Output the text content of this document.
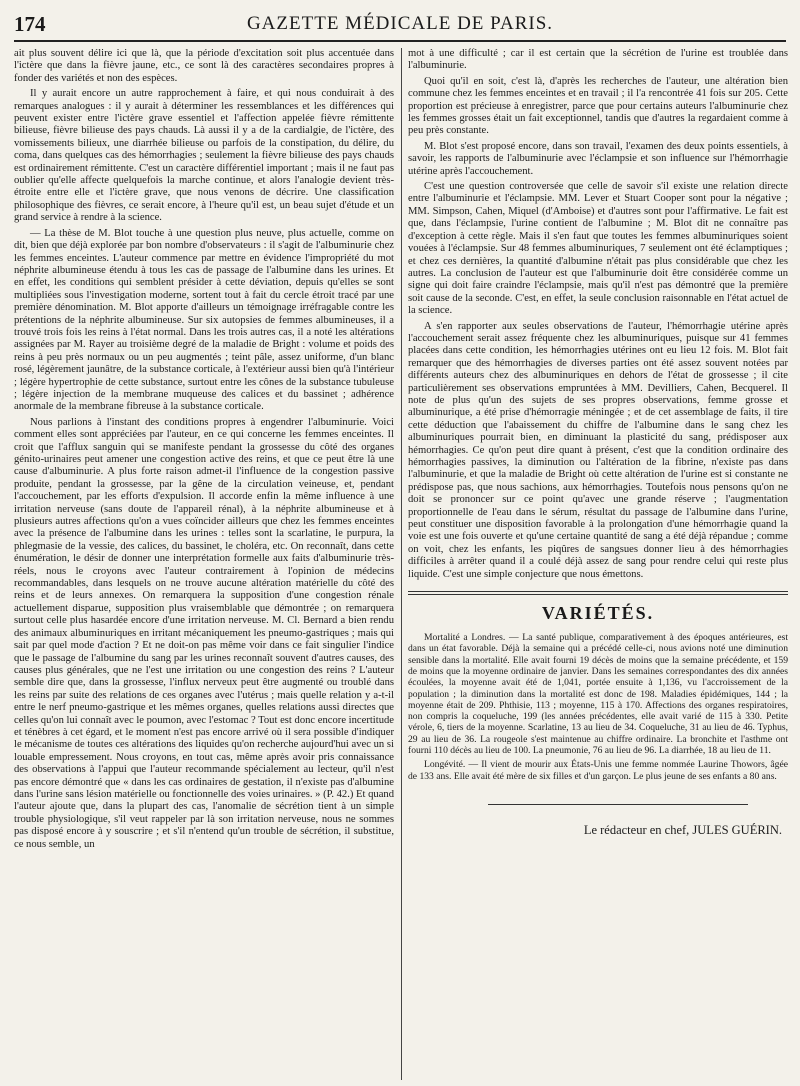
174	GAZETTE MÉDICALE DE PARIS.

ait plus souvent délire ici que là, que la période d'excitation soit plus accentuée dans l'ictère que dans la fièvre jaune, etc., ce sont là des caractères secondaires propres à fonder des variétés et non des espèces.

Il y aurait encore un autre rapprochement à faire, et qui nous conduirait à des remarques analogues : il y aurait à déterminer les ressemblances et les différences qui peuvent exister entre l'ictère grave essentiel et l'affection appelée fièvre rémittente bilieuse, fièvre bilieuse des pays chauds. Là aussi il y a de la cardialgie, de l'ictère, des vomissements bilieux, une diarrhée bilieuse ou parfois de la constipation, du délire, du coma, dans quelques cas des hémorrhagies ; seulement la fièvre bilieuse des pays chauds est ordinairement rémittente. C'est un caractère différentiel important ; mais il ne faut pas oublier qu'elle affecte quelquefois la marche continue, et alors l'analogie devient très-étroite entre elle et l'ictère grave, que nous venons de décrire. Une classification philosophique des fièvres, ce serait encore, à l'heure qu'il est, un beau sujet d'étude et un grand service à rendre à la science.

— La thèse de M. Blot touche à une question plus neuve, plus actuelle, comme on dit, bien que déjà explorée par bon nombre d'observateurs : il s'agit de l'albuminurie chez les femmes enceintes. L'auteur commence par mettre en évidence l'impropriété du mot néphrite albumineuse étendu à tous les cas de passage de l'albumine dans les urines. Et en effet, les conditions qui semblent présider à cette déviation, depuis qu'elles se sont multipliées sous l'investigation moderne, sortent tout à fait du cercle étroit tracé par une première dénomination. M. Blot apporte d'ailleurs un témoignage irréfragable contre les prétentions de la néphrite albumineuse. Sur six autopsies de femmes albumineuses, il a trouvé trois fois les reins à l'état normal. Dans les trois autres cas, il a noté les altérations assignées par M. Rayer au troisième degré de la maladie de Bright : volume et poids des reins à peu près normaux ou un peu augmentés ; teint pâle, assez uniforme, d'un blanc rosé, légèrement jaunâtre, de la substance corticale, à l'extérieur aussi bien qu'à l'intérieur ; légère hypertrophie de cette substance, surtout entre les cônes de la substance tubuleuse ; légère injection de la membrane muqueuse des calices et du bassinet ; adhérence anormale de la membrane fibreuse à la substance corticale.

Nous parlions à l'instant des conditions propres à engendrer l'albuminurie. Voici comment elles sont appréciées par l'auteur, en ce qui concerne les femmes enceintes. Il croit que l'afflux sanguin qui se manifeste pendant la grossesse du côté des organes génito-urinaires peut amener une congestion active des reins, et que ce peut être là une cause d'albuminurie. A plus forte raison admet-il l'influence de la congestion passive produite, pendant la grossesse, par la gêne de la circulation veineuse, et, pendant l'accouchement, par les efforts d'expulsion. Il accorde enfin la même influence à une irritation nerveuse (sans doute de l'appareil rénal), à la néphrite albumineuse et à plusieurs autres affections qu'on a vues coïncider ailleurs que chez les femmes enceintes avec la présence de l'albumine dans les urines : telles sont la scarlatine, le purpura, la phlegmasie de la vessie, des calices, du bassinet, le choléra, etc. On reconnaît, dans cette énumération, le désir de donner une interprétation formelle aux faits d'albuminurie très-réels, nous le croyons avec l'auteur contrairement à l'opinion de médecins recommandables, dans lesquels on ne trouve aucune altération matérielle du côté des reins et de leurs annexes. On remarquera la supposition d'une congestion rénale actuellement disparue, supposition plus vraisemblable que démontrée ; on remarquera surtout celle plus hasardée encore d'une irritation nerveuse. M. Cl. Bernard a bien rendu des animaux albuminuriques en irritant mécaniquement les pneumo-gastriques ; mais qui sait par quel mode d'action ? Et ne doit-on pas même voir dans ce fait singulier l'indice que le passage de l'albumine du sang par les urines reconnaît souvent d'autres causes, des causes plus générales, que ne l'est une irritation ou une congestion des reins ? L'auteur semble dire que, dans la grossesse, l'influx nerveux peut être augmenté ou troublé dans les reins par suite des relations de ces organes avec l'utérus ; mais quelle relation y a-t-il entre le nerf pneumo-gastrique et les mêmes organes, quelles relations aussi directes que celles qu'on lui connaît avec le poumon, avec l'estomac ? Tout est donc encore incertitude et ténèbres à cet égard, et le moment n'est pas encore arrivé où il sera possible d'indiquer le mécanisme de toutes ces altérations des liquides qu'on recherche aujourd'hui avec un si louable empressement. Nous croyons, en tout cas, même après avoir pris connaissance des observations à l'appui que l'auteur recommande spécialement au lecteur, qu'il n'est pas encore démontré que « dans les cas ordinaires de gestation, il n'existe pas d'albumine dans l'urine sans lésion matérielle ou fonctionnelle des voies urinaires. » (P. 42.) Et quand l'auteur ajoute que, dans la plupart des cas, l'anomalie de sécrétion tient à un simple trouble physiologique, s'il veut rappeler par là son irritation nerveuse, nous ne sommes pas disposé encore à y souscrire ; et s'il n'entend qu'un trouble de sécrétion, il substitue, ce nous semble, un

mot à une difficulté ; car il est certain que la sécrétion de l'urine est troublée dans l'albuminurie.

Quoi qu'il en soit, c'est là, d'après les recherches de l'auteur, une altération bien commune chez les femmes enceintes et en travail ; il l'a rencontrée 41 fois sur 205. Cette proportion est précieuse à enregistrer, parce que pour certains auteurs l'albuminurie chez les femmes grosses était un fait exceptionnel, tandis que d'autres la regardaient comme à peu près constante.

M. Blot s'est proposé encore, dans son travail, l'examen des deux points essentiels, à savoir, les rapports de l'albuminurie avec l'éclampsie et son influence sur l'hémorrhagie utérine après l'accouchement.

C'est une question controversée que celle de savoir s'il existe une relation directe entre l'albuminurie et l'éclampsie. MM. Lever et Stuart Cooper sont pour la négative ; MM. Simpson, Cahen, Miquel (d'Amboise) et d'autres sont pour l'affirmative. Le fait est que, dans l'éclampsie, l'urine contient de l'albumine ; M. Blot dit ne connaître pas d'exception à cette règle. Mais il s'en faut que toutes les femmes albuminuriques soient vouées à l'éclampsie. Sur 48 femmes albuminuriques, 7 seulement ont été éclamptiques ; et chez ces dernières, la quantité d'albumine n'était pas plus considérable que chez les autres. La conclusion de l'auteur est que l'albuminurie doit être considérée comme un signe qui doit faire craindre l'éclampsie, mais qu'il n'est pas démontré que la première soit cause de la seconde. C'est, en effet, la seule conclusion raisonnable en l'état actuel de la science.

A s'en rapporter aux seules observations de l'auteur, l'hémorrhagie utérine après l'accouchement serait assez fréquente chez les albuminuriques, puisque sur 41 femmes placées dans cette condition, les hémorrhagies utérines ont eu lieu 12 fois. M. Blot fait remarquer que des hémorrhagies de diverses parties ont été assez souvent notées par différents auteurs chez des albuminuriques en dehors de l'état de grossesse ; il cite particulièrement ses observations empruntées à MM. Devilliers, Cahen, Becquerel. Il note de plus qu'un des sujets de ses propres observations, femme grosse et albuminurique, a été prise d'hémorragie méningée ; et de cet assemblage de faits, il tire cette déduction que l'abaissement du chiffre de l'albumine dans le sang chez les albuminuriques pourrait bien, en diminuant la plasticité du sang, prédisposer aux hémorrhagies. Ce qu'on peut dire quant à présent, c'est que la condition ordinaire des hémorrhagies passives, la diminution ou l'altération de la fibrine, n'existe pas dans l'albuminurie, et que la maladie de Bright où cette altération de l'urine est si constante ne prédispose pas, que nous sachions, aux hémorrhagies. Toutefois nous pensons qu'on ne doit se prononcer sur ce point qu'avec une grande réserve ; l'augmentation proportionnelle de l'eau dans le sérum, résultat du passage de l'albumine dans l'urine, peut constituer une disposition favorable à la prolongation d'une hémorrhagie quand la voie est une fois ouverte et qu'une certaine quantité de sang a été déjà répandue ; comme on voit, chez les enfants, les piqûres de sangsues donner lieu à des hémorrhagies difficiles à arrêter quand il a coulé déjà assez de sang pour rendre celui qui reste plus liquide. C'est une simple conjecture que nous émettons.

VARIÉTÉS.

Mortalité a Londres. — La santé publique, comparativement à des époques antérieures, est dans un état favorable. Déjà la semaine qui a précédé celle-ci, nous avions noté une diminution sensible dans la mortalité. Elle avait fourni 19 décès de moins que la semaine précédente, et 159 de moins que la moyenne ordinaire de janvier. Dans les semaines correspondantes des dix années écoulées, la moyenne avait été de 1,041, portée ensuite à 1,136, vu l'accroissement de la population ; la diminution dans la mortalité est donc de 198. Maladies épidémiques, 144 ; la moyenne était de 209. Phthisie, 113 ; moyenne, 115 à 170. Affections des organes respiratoires, non compris la coqueluche, 199 (les années précédentes, elle avait varié de 115 à 330. Petite vérole, 6, tiers de la moyenne. Scarlatine, 13 au lieu de 34. Coqueluche, 31 au lieu de 46. Typhus, 29 au lieu de 36. La rougeole s'est maintenue au chiffre ordinaire. La bronchite et l'asthme ont fourni 110 décès au lieu de 100. La pneumonie, 76 au lieu de 96. La diarrhée, 18 au lieu de 11.

Longévité. — Il vient de mourir aux États-Unis une femme nommée Laurine Thowors, âgée de 133 ans. Elle avait été mère de six filles et d'un garçon. Le plus jeune de ses enfants a 80 ans.

Le rédacteur en chef, JULES GUÉRIN.
